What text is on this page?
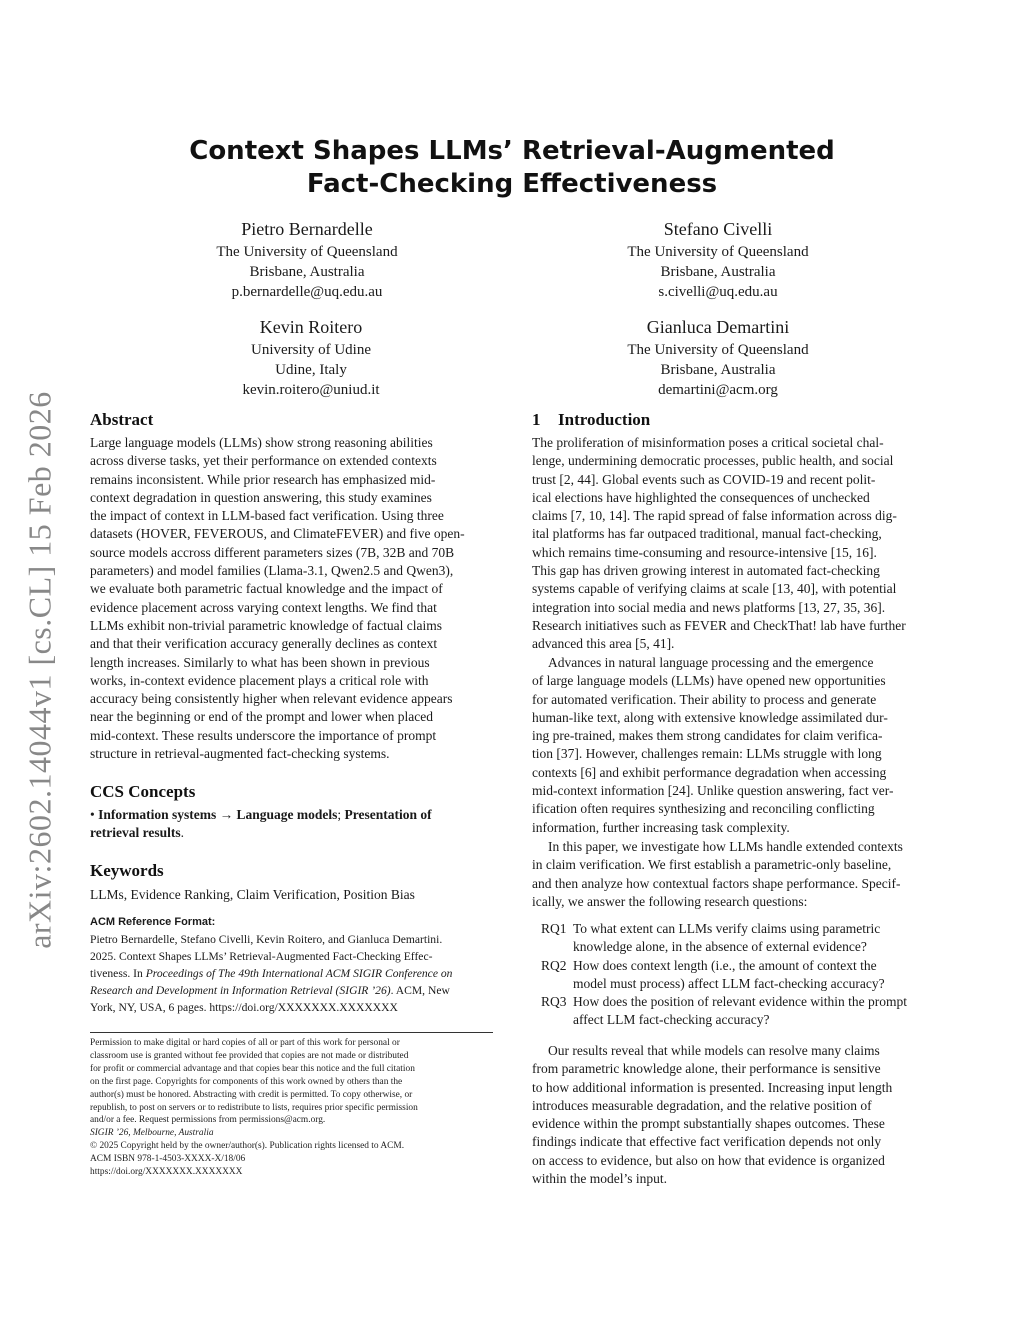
arXiv:2602.14044v1 [cs.CL] 15 Feb 2026
Context Shapes LLMs’ Retrieval-Augmented
Fact-Checking Effectiveness
Pietro Bernardelle
The University of Queensland
Brisbane, Australia
p.bernardelle@uq.edu.au
Stefano Civelli
The University of Queensland
Brisbane, Australia
s.civelli@uq.edu.au
Kevin Roitero
University of Udine
Udine, Italy
kevin.roitero@uniud.it
Gianluca Demartini
The University of Queensland
Brisbane, Australia
demartini@acm.org
Abstract
Large language models (LLMs) show strong reasoning abilities
across diverse tasks, yet their performance on extended contexts
remains inconsistent. While prior research has emphasized mid-
context degradation in question answering, this study examines
the impact of context in LLM-based fact verification. Using three
datasets (HOVER, FEVEROUS, and ClimateFEVER) and five open-
source models accross different parameters sizes (7B, 32B and 70B
parameters) and model families (Llama-3.1, Qwen2.5 and Qwen3),
we evaluate both parametric factual knowledge and the impact of
evidence placement across varying context lengths. We find that
LLMs exhibit non-trivial parametric knowledge of factual claims
and that their verification accuracy generally declines as context
length increases. Similarly to what has been shown in previous
works, in-context evidence placement plays a critical role with
accuracy being consistently higher when relevant evidence appears
near the beginning or end of the prompt and lower when placed
mid-context. These results underscore the importance of prompt
structure in retrieval-augmented fact-checking systems.
CCS Concepts
• Information systems → Language models; Presentation of
retrieval results.
Keywords
LLMs, Evidence Ranking, Claim Verification, Position Bias
ACM Reference Format:
Pietro Bernardelle, Stefano Civelli, Kevin Roitero, and Gianluca Demartini.
2025. Context Shapes LLMs’ Retrieval-Augmented Fact-Checking Effec-
tiveness. In Proceedings of The 49th International ACM SIGIR Conference on
Research and Development in Information Retrieval (SIGIR ’26). ACM, New
York, NY, USA, 6 pages. https://doi.org/XXXXXXX.XXXXXXX
Permission to make digital or hard copies of all or part of this work for personal or
classroom use is granted without fee provided that copies are not made or distributed
for profit or commercial advantage and that copies bear this notice and the full citation
on the first page. Copyrights for components of this work owned by others than the
author(s) must be honored. Abstracting with credit is permitted. To copy otherwise, or
republish, to post on servers or to redistribute to lists, requires prior specific permission
and/or a fee. Request permissions from permissions@acm.org.
SIGIR ’26, Melbourne, Australia
© 2025 Copyright held by the owner/author(s). Publication rights licensed to ACM.
ACM ISBN 978-1-4503-XXXX-X/18/06
https://doi.org/XXXXXXX.XXXXXXX
1 Introduction
The proliferation of misinformation poses a critical societal chal-
lenge, undermining democratic processes, public health, and social
trust [2, 44]. Global events such as COVID-19 and recent polit-
ical elections have highlighted the consequences of unchecked
claims [7, 10, 14]. The rapid spread of false information across dig-
ital platforms has far outpaced traditional, manual fact-checking,
which remains time-consuming and resource-intensive [15, 16].
This gap has driven growing interest in automated fact-checking
systems capable of verifying claims at scale [13, 40], with potential
integration into social media and news platforms [13, 27, 35, 36].
Research initiatives such as FEVER and CheckThat! lab have further
advanced this area [5, 41].
Advances in natural language processing and the emergence
of large language models (LLMs) have opened new opportunities
for automated verification. Their ability to process and generate
human-like text, along with extensive knowledge assimilated dur-
ing pre-trained, makes them strong candidates for claim verifica-
tion [37]. However, challenges remain: LLMs struggle with long
contexts [6] and exhibit performance degradation when accessing
mid-context information [24]. Unlike question answering, fact ver-
ification often requires synthesizing and reconciling conflicting
information, further increasing task complexity.
In this paper, we investigate how LLMs handle extended contexts
in claim verification. We first establish a parametric-only baseline,
and then analyze how contextual factors shape performance. Specif-
ically, we answer the following research questions:
RQ1 To what extent can LLMs verify claims using parametric
knowledge alone, in the absence of external evidence?
RQ2 How does context length (i.e., the amount of context the
model must process) affect LLM fact-checking accuracy?
RQ3 How does the position of relevant evidence within the prompt
affect LLM fact-checking accuracy?
Our results reveal that while models can resolve many claims
from parametric knowledge alone, their performance is sensitive
to how additional information is presented. Increasing input length
introduces measurable degradation, and the relative position of
evidence within the prompt substantially shapes outcomes. These
findings indicate that effective fact verification depends not only
on access to evidence, but also on how that evidence is organized
within the model’s input.
